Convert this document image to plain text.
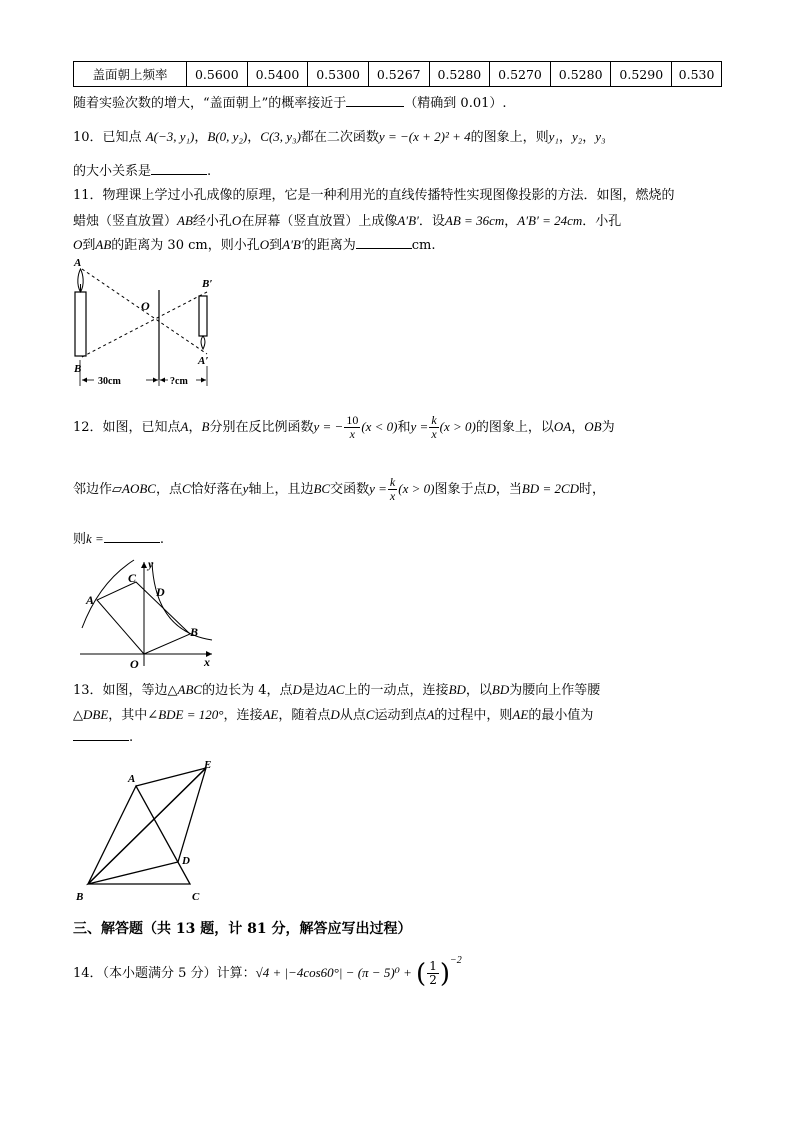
盖面朝上频率	0.5600	0.5400	0.5300	0.5267	0.5280	0.5270	0.5280	0.5290	0.530
随着实验次数的增大，“盖面朝上”的概率接近于	（精确到 0.01）.
10．已知点 A(−3, y₁)，B(0, y₂)，C(3, y₃)都在二次函数y = −(x + 2)² + 4的图象上，则y₁，y₂，y₃
的大小关系是	.
11．物理课上学过小孔成像的原理，它是一种利用光的直线传播特性实现图像投影的方法．如图，燃烧的
蜡烛（竖直放置）AB经小孔O在屏幕（竖直放置）上成像A′B′．设AB = 36cm，A′B′ = 24cm．小孔
O到AB的距离为 30 cm，则小孔O到A′B′的距离为	cm.
A
B
O
B′
A′
30cm	?cm
12．如图，已知点A，B分别在反比例函数y = − $\frac{10}{x} (x < 0)$和$y = \frac{k}{x} (x > 0)$的图象上，以OA，OB为
邻边作▱AOBC，点C恰好落在y轴上，且边BC交函数$y = \frac{k}{x} (x > 0)$图象于点D，当BD = 2CD时，
则k =	.
A
C
D
B
O	x
y
13．如图，等边△ABC的边长为 4，点D是边AC上的一动点，连接BD，以BD为腰向上作等腰
△DBE，其中∠BDE = 120°，连接AE，随着点D从点C运动到点A的过程中，则AE的最小值为
.
A
E
D
B	C
三、解答题（共 13 题，计 81 分，解答应写出过程）
14．（本小题满分 5 分）计算：√4 + |−4cos60°| − (π − 5)⁰ + ( $\frac{1}{2} )^{-2}$
